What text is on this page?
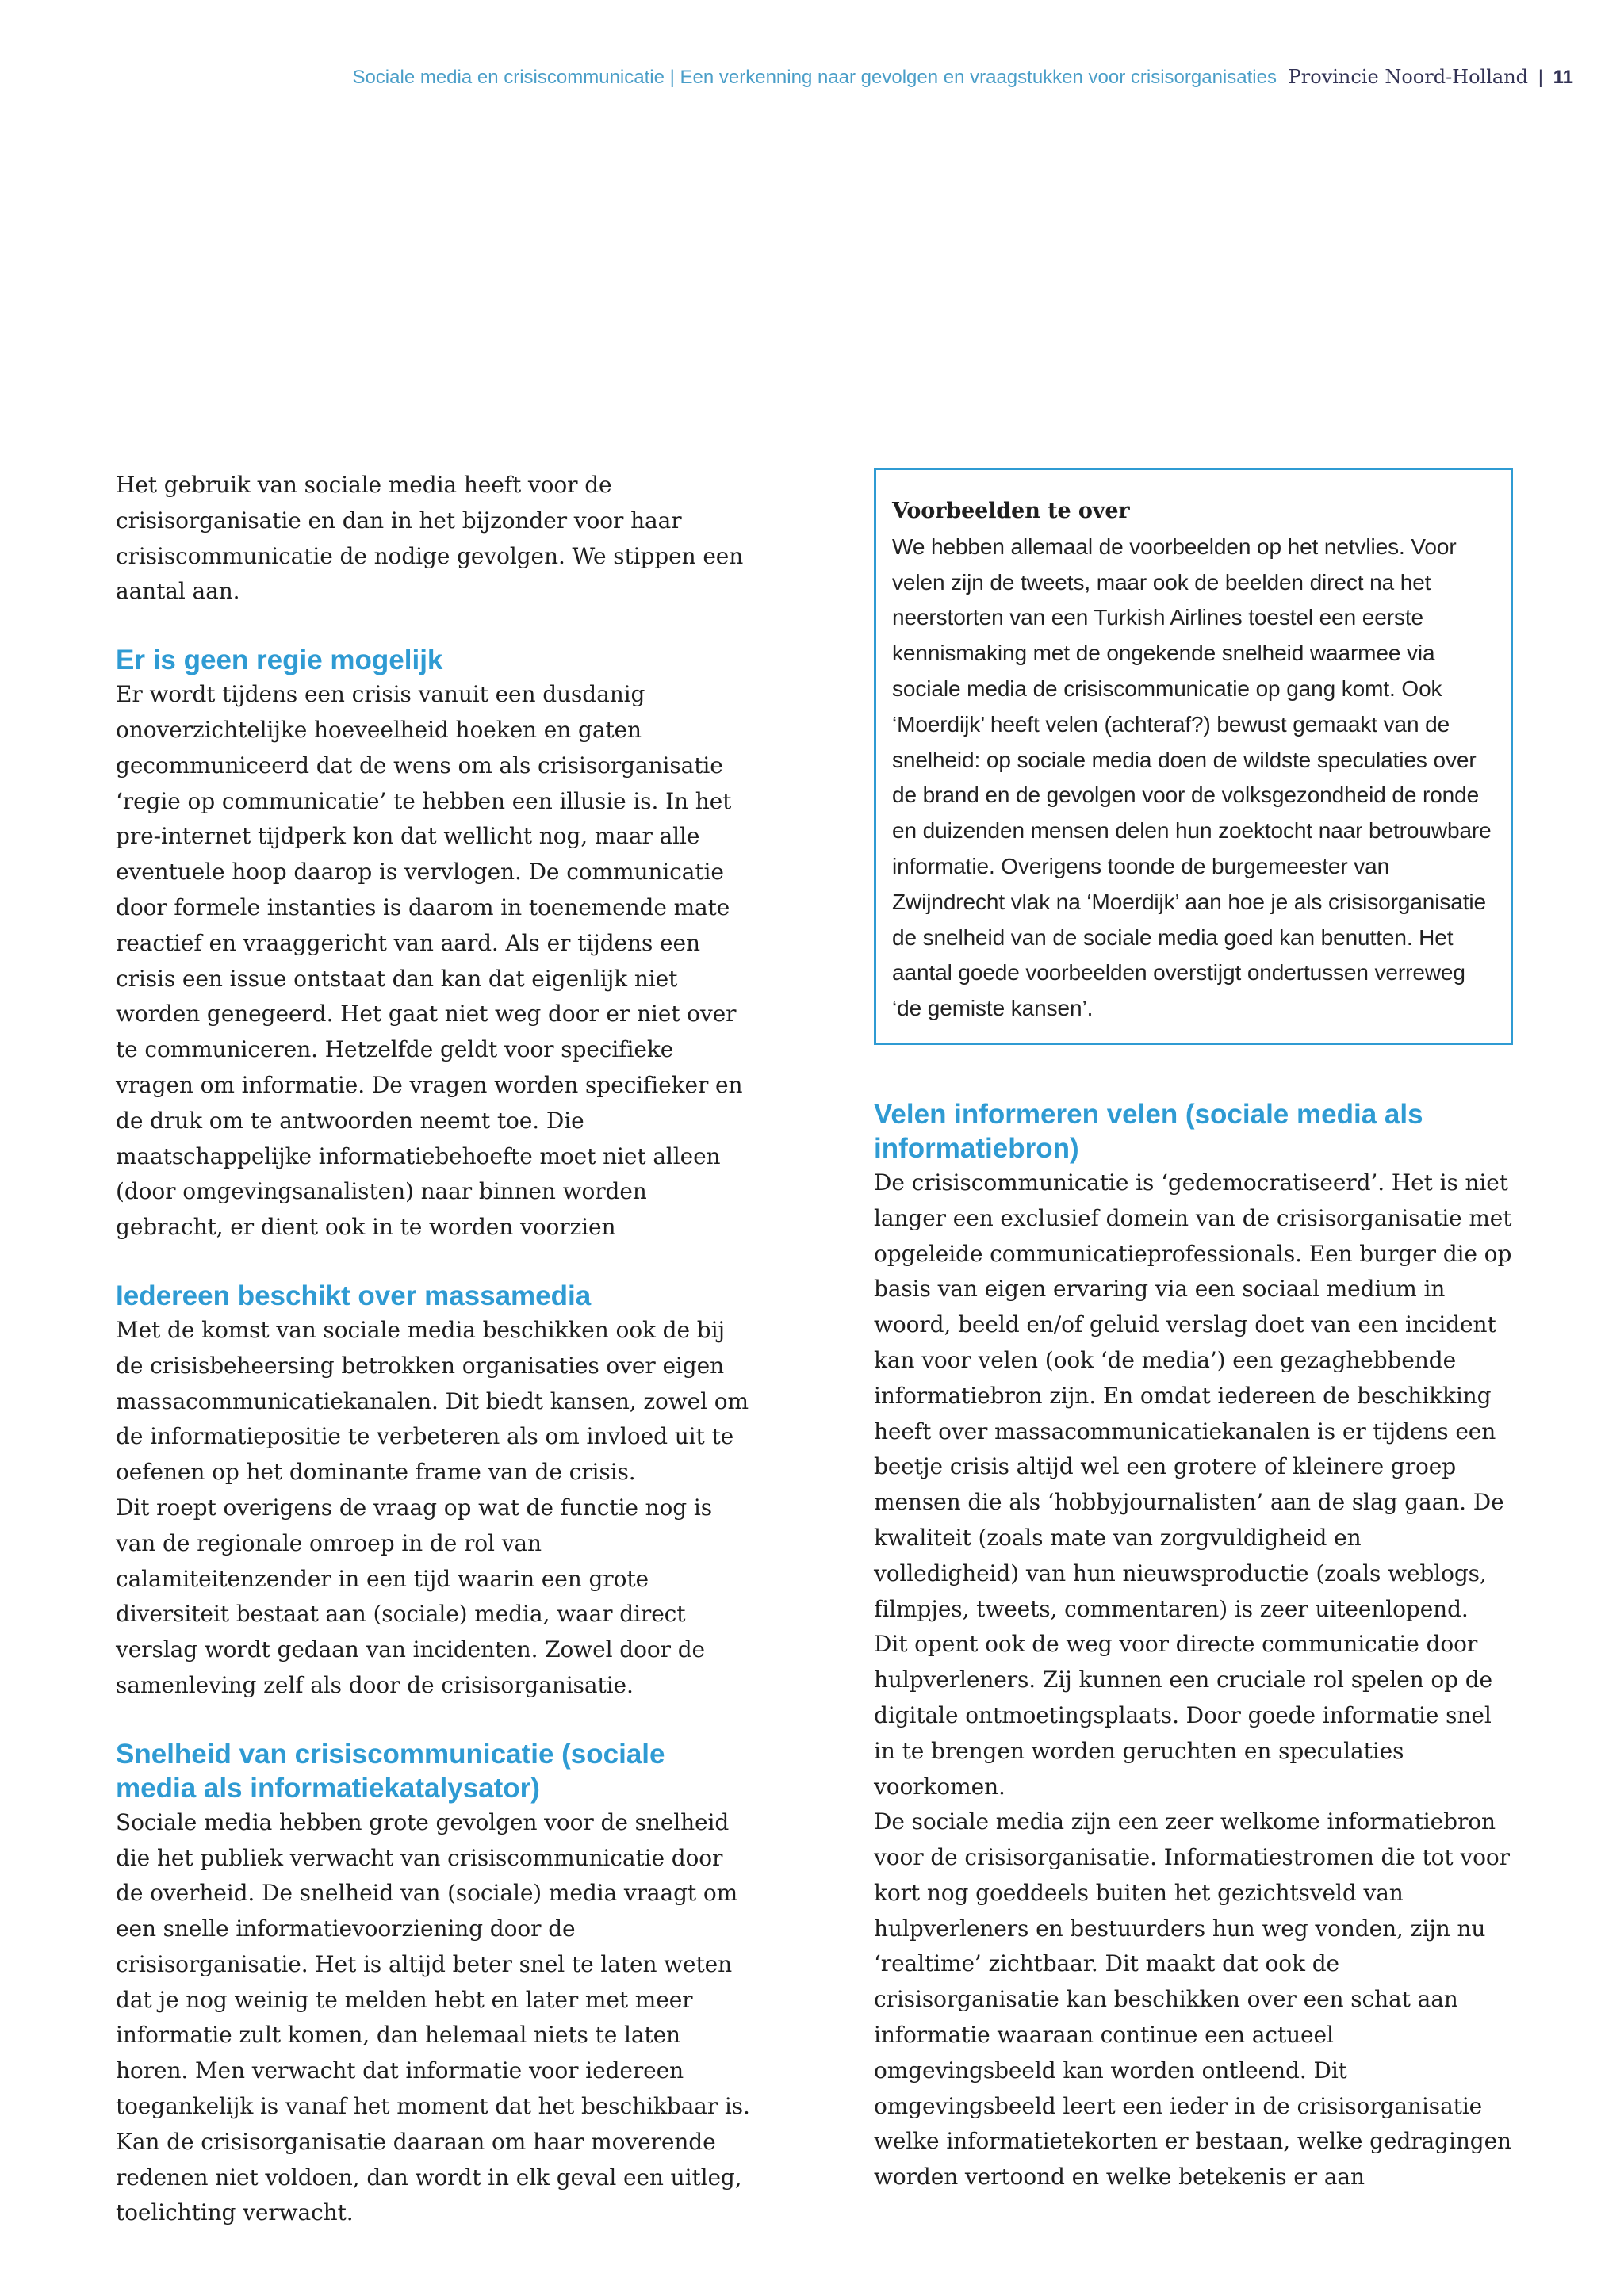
Sociale media en crisiscommunicatie | Een verkenning naar gevolgen en vraagstukken voor crisisorganisaties Provincie Noord-Holland | 11

Het gebruik van sociale media heeft voor de crisisorganisatie en dan in het bijzonder voor haar crisiscommunicatie de nodige gevolgen. We stippen een aantal aan.

Er is geen regie mogelijk

Er wordt tijdens een crisis vanuit een dusdanig onoverzichtelijke hoeveelheid hoeken en gaten gecommuniceerd dat de wens om als crisisorganisatie ‘regie op communicatie’ te hebben een illusie is. In het pre-internet tijdperk kon dat wellicht nog, maar alle eventuele hoop daarop is vervlogen. De communicatie door formele instanties is daarom in toenemende mate reactief en vraaggericht van aard. Als er tijdens een crisis een issue ontstaat dan kan dat eigenlijk niet worden genegeerd. Het gaat niet weg door er niet over te communiceren. Hetzelfde geldt voor specifieke vragen om informatie. De vragen worden specifieker en de druk om te antwoorden neemt toe. Die maatschappelijke informatiebehoefte moet niet alleen (door omgevingsanalisten) naar binnen worden gebracht, er dient ook in te worden voorzien

Iedereen beschikt over massamedia

Met de komst van sociale media beschikken ook de bij de crisisbeheersing betrokken organisaties over eigen massacommunicatiekanalen. Dit biedt kansen, zowel om de informatiepositie te verbeteren als om invloed uit te oefenen op het dominante frame van de crisis.

Dit roept overigens de vraag op wat de functie nog is van de regionale omroep in de rol van calamiteitenzender in een tijd waarin een grote diversiteit bestaat aan (sociale) media, waar direct verslag wordt gedaan van incidenten. Zowel door de samenleving zelf als door de crisisorganisatie.

Snelheid van crisiscommunicatie (sociale media als informatiekatalysator)

Sociale media hebben grote gevolgen voor de snelheid die het publiek verwacht van crisiscommunicatie door de overheid. De snelheid van (sociale) media vraagt om een snelle informatievoorziening door de crisisorganisatie. Het is altijd beter snel te laten weten dat je nog weinig te melden hebt en later met meer informatie zult komen, dan helemaal niets te laten horen. Men verwacht dat informatie voor iedereen toegankelijk is vanaf het moment dat het beschikbaar is. Kan de crisisorganisatie daaraan om haar moverende redenen niet voldoen, dan wordt in elk geval een uitleg, toelichting verwacht.

Voorbeelden te over

We hebben allemaal de voorbeelden op het netvlies. Voor velen zijn de tweets, maar ook de beelden direct na het neerstorten van een Turkish Airlines toestel een eerste kennismaking met de ongekende snelheid waarmee via sociale media de crisiscommunicatie op gang komt. Ook ‘Moerdijk’ heeft velen (achteraf?) bewust gemaakt van de snelheid: op sociale media doen de wildste speculaties over de brand en de gevolgen voor de volksgezondheid de ronde en duizenden mensen delen hun zoektocht naar betrouwbare informatie. Overigens toonde de burgemeester van Zwijndrecht vlak na ‘Moerdijk’ aan hoe je als crisisorganisatie de snelheid van de sociale media goed kan benutten. Het aantal goede voorbeelden overstijgt ondertussen verreweg ‘de gemiste kansen’.

Velen informeren velen (sociale media als informatiebron)

De crisiscommunicatie is ‘gedemocratiseerd’. Het is niet langer een exclusief domein van de crisisorganisatie met opgeleide communicatieprofessionals. Een burger die op basis van eigen ervaring via een sociaal medium in woord, beeld en/of geluid verslag doet van een incident kan voor velen (ook ‘de media’) een gezaghebbende informatiebron zijn. En omdat iedereen de beschikking heeft over massacommunicatiekanalen is er tijdens een beetje crisis altijd wel een grotere of kleinere groep mensen die als ‘hobbyjournalisten’ aan de slag gaan. De kwaliteit (zoals mate van zorgvuldigheid en volledigheid) van hun nieuwsproductie (zoals weblogs, filmpjes, tweets, commentaren) is zeer uiteenlopend.

Dit opent ook de weg voor directe communicatie door hulpverleners. Zij kunnen een cruciale rol spelen op de digitale ontmoetingsplaats. Door goede informatie snel in te brengen worden geruchten en speculaties voorkomen.

De sociale media zijn een zeer welkome informatiebron voor de crisisorganisatie. Informatiestromen die tot voor kort nog goeddeels buiten het gezichtsveld van hulpverleners en bestuurders hun weg vonden, zijn nu ‘realtime’ zichtbaar. Dit maakt dat ook de crisisorganisatie kan beschikken over een schat aan informatie waaraan continue een actueel omgevingsbeeld kan worden ontleend. Dit omgevingsbeeld leert een ieder in de crisisorganisatie welke informatietekorten er bestaan, welke gedragingen worden vertoond en welke betekenis er aan
